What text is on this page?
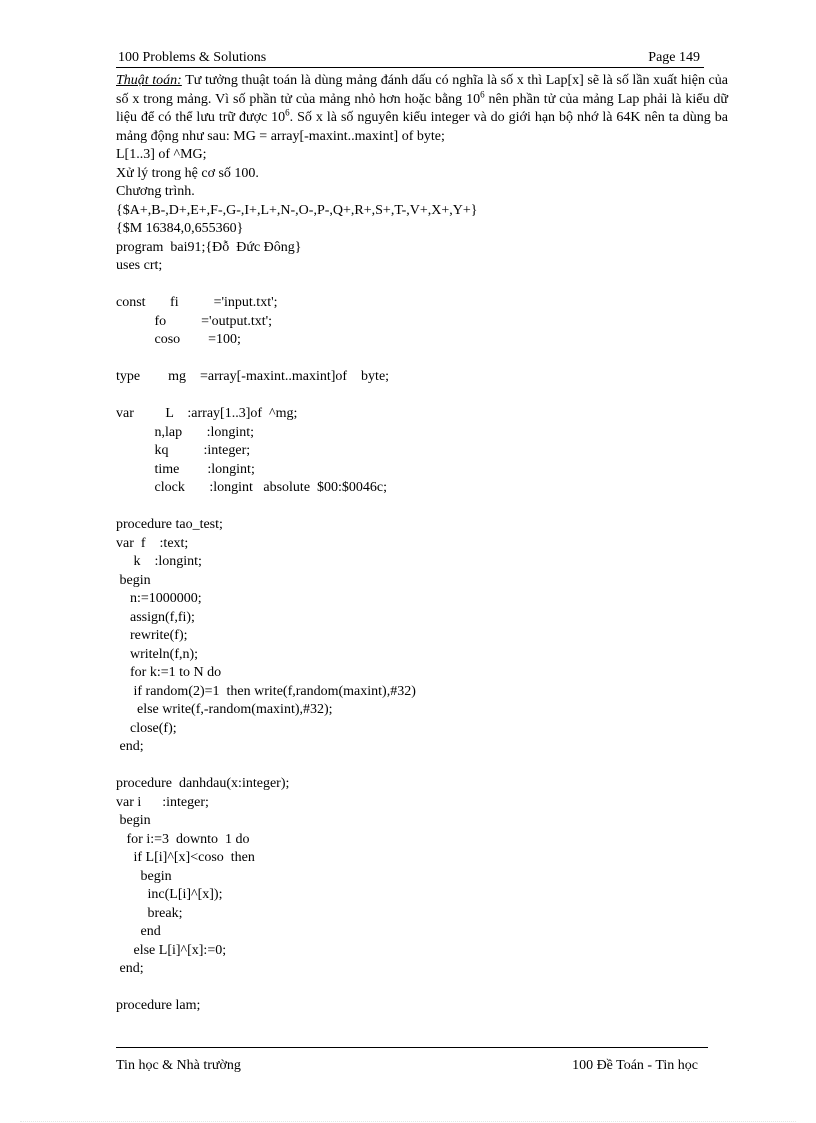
100 Problems & Solutions	Page 149

Thuật toán: Tư tưởng thuật toán là dùng mảng đánh dấu có nghĩa là số x thì Lap[x] sẽ là số lần xuất hiện của số x trong mảng. Vì số phần tử của mảng nhỏ hơn hoặc bằng $10^6$ nên phần tử của mảng Lap phải là kiểu dữ liệu để có thể lưu trữ được $10^6$. Số x là số nguyên kiểu integer và do giới hạn bộ nhớ là 64K nên ta dùng ba mảng động như sau: MG = array[-maxint..maxint] of byte;

L[1..3] of ^MG;
Xử lý trong hệ cơ số 100.
Chương trình.
{$A+,B-,D+,E+,F-,G-,I+,L+,N-,O-,P-,Q+,R+,S+,T-,V+,X+,Y+}
{$M 16384,0,655360}
program  bai91;{Đỗ  Đức Đông}
uses crt;
const       fi          ='input.txt';
fo          ='output.txt';
coso        =100;
type        mg    =array[-maxint..maxint]of    byte;
var         L    :array[1..3]of  ^mg;
n,lap       :longint;
kq          :integer;
time        :longint;
clock       :longint   absolute  $00:$0046c;
procedure tao_test;
var  f    :text;
k    :longint;
begin
n:=1000000;
assign(f,fi);
rewrite(f);
writeln(f,n);
for k:=1 to N do
if random(2)=1  then write(f,random(maxint),#32)
else write(f,-random(maxint),#32);
close(f);
end;
procedure  danhdau(x:integer);
var i      :integer;
begin
for i:=3  downto  1 do
if L[i]^[x]<coso  then
begin
inc(L[i]^[x]);
break;
end
else L[i]^[x]:=0;
end;
procedure lam;
Tin học & Nhà trường	100 Đề Toán - Tin học
